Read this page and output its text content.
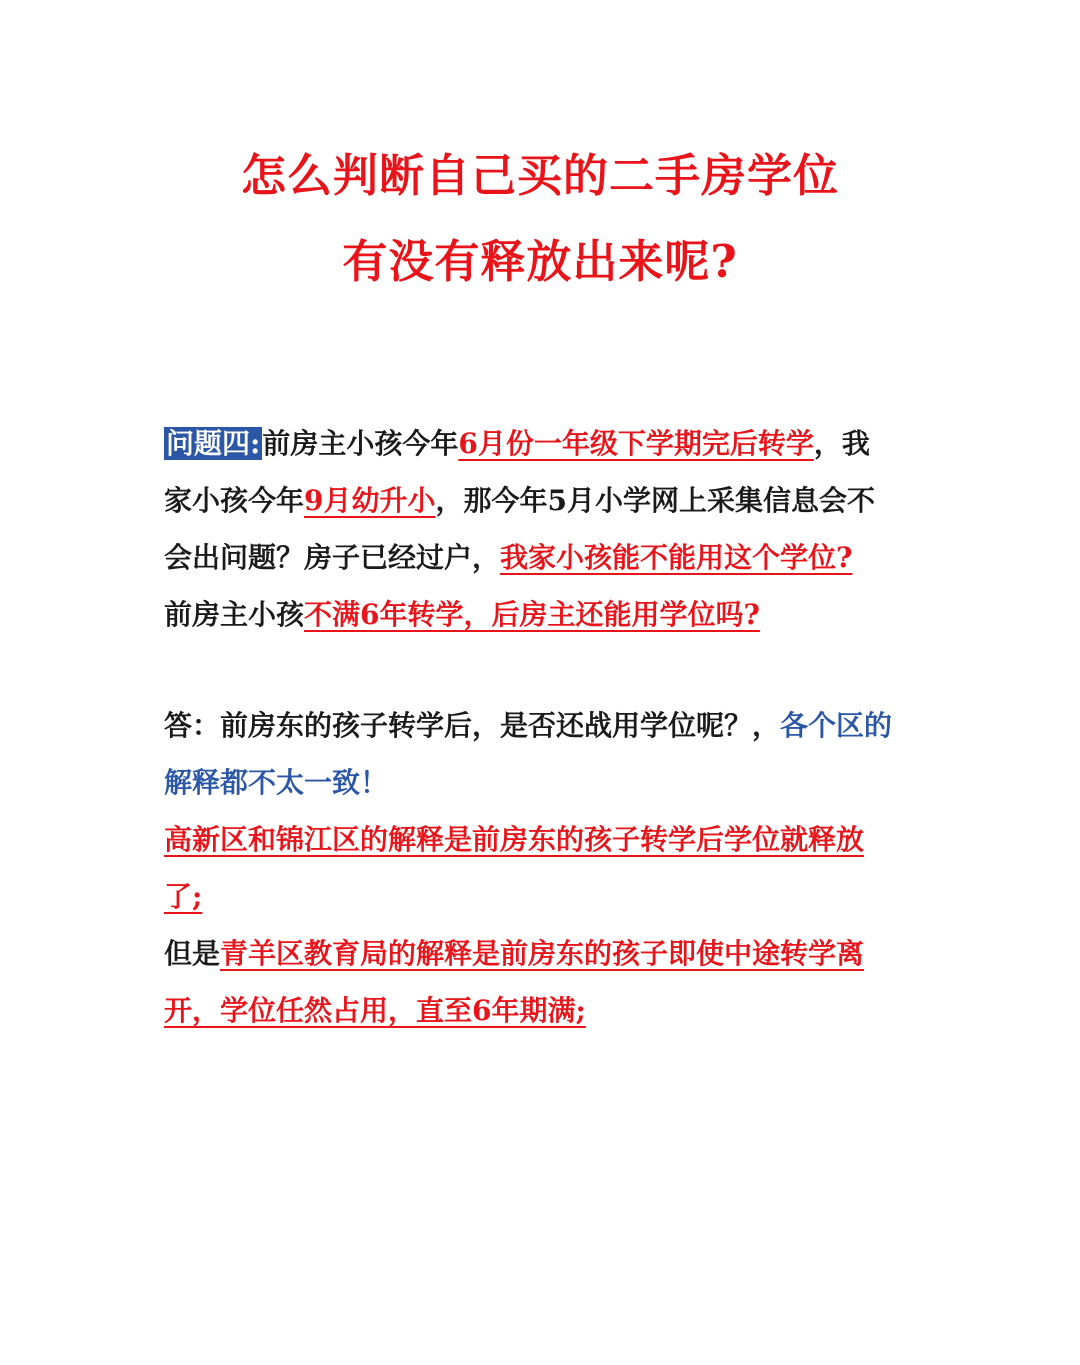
怎么判断自己买的二手房学位
有没有释放出来呢?
问题四:前房主小孩今年6月份一年级下学期完后转学，我
家小孩今年9月幼升小，那今年5月小学网上采集信息会不
会出问题？房子已经过户，我家小孩能不能用这个学位?
前房主小孩不满6年转学，后房主还能用学位吗?
答：前房东的孩子转学后，是否还战用学位呢？，各个区的
解释都不太一致！
高新区和锦江区的解释是前房东的孩子转学后学位就释放
了;
但是青羊区教育局的解释是前房东的孩子即使中途转学离
开，学位任然占用，直至6年期满;
